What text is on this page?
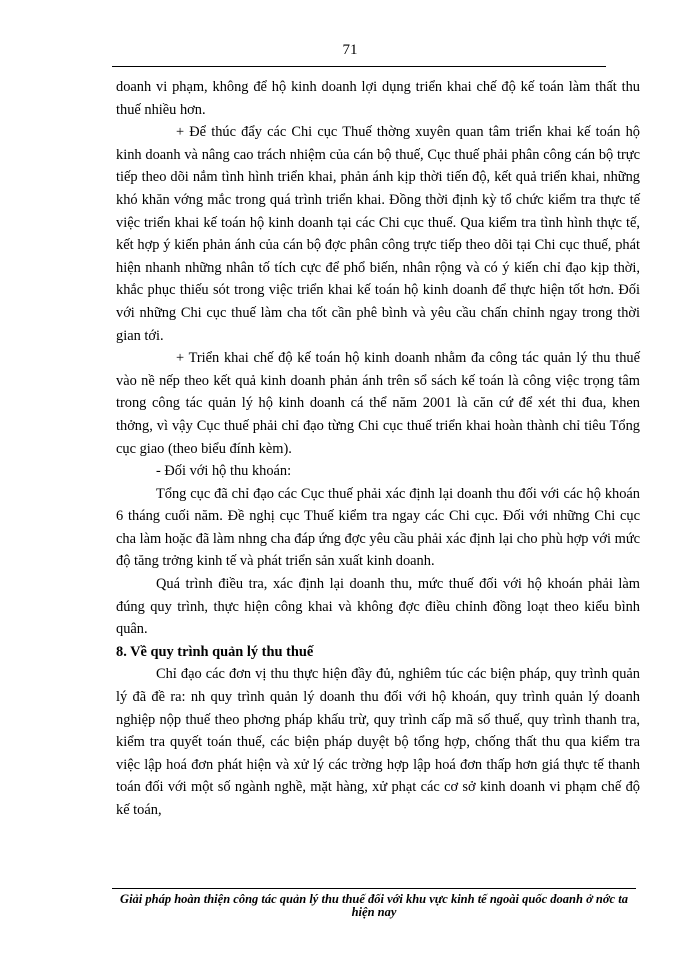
71

doanh vi phạm, không để hộ kinh doanh lợi dụng triển khai chế độ kế toán làm thất thu thuế nhiều hơn.

+ Để thúc đẩy các Chi cục Thuế thờng xuyên quan tâm triển khai kế toán hộ kinh doanh và nâng cao trách nhiệm của cán bộ thuế, Cục thuế phải phân công cán bộ trực tiếp theo dõi nắm tình hình triển khai, phản ánh kịp thời tiến độ, kết quả triển khai, những khó khăn vớng mắc trong quá trình triển khai. Đồng thời định kỳ tổ chức kiểm tra thực tế việc triển khai kế toán hộ kinh doanh tại các Chi cục thuế. Qua kiểm tra tình hình thực tế, kết hợp ý kiến phản ánh của cán bộ đợc phân công trực tiếp theo dõi tại Chi cục thuế, phát hiện nhanh những nhân tố tích cực để phổ biến, nhân rộng và có ý kiến chỉ đạo kịp thời, khắc phục thiếu sót trong việc triển khai kế toán hộ kinh doanh để thực hiện tốt hơn. Đối với những Chi cục thuế làm cha tốt cần phê bình và yêu cầu chấn chỉnh ngay trong thời gian tới.

+ Triển khai chế độ kế toán hộ kinh doanh nhằm đa công tác quản lý thu thuế vào nề nếp theo kết quả kinh doanh phản ánh trên sổ sách kế toán là công việc trọng tâm trong công tác quản lý hộ kinh doanh cá thể năm 2001 là căn cứ để xét thi đua, khen thởng, vì vậy Cục thuế phải chỉ đạo từng Chi cục thuế triển khai hoàn thành chỉ tiêu Tổng cục giao (theo biểu đính kèm).

- Đối với hộ thu khoán:

Tổng cục đã chỉ đạo các Cục thuế phải xác định lại doanh thu đối với các hộ khoán 6 tháng cuối năm. Đề nghị cục Thuế kiểm tra ngay các Chi cục. Đối với những Chi cục cha làm hoặc đã làm nhng cha đáp ứng đợc yêu cầu phải xác định lại cho phù hợp với mức độ tăng trởng kinh tế và phát triển sản xuất kinh doanh.

Quá trình điều tra, xác định lại doanh thu, mức thuế đối với hộ khoán phải làm đúng quy trình, thực hiện công khai và không đợc điều chỉnh đồng loạt theo kiểu bình quân.

8. Về quy trình quản lý thu thuế

Chỉ đạo các đơn vị thu thực hiện đầy đủ, nghiêm túc các biện pháp, quy trình quản lý đã đề ra: nh quy trình quản lý doanh thu đối với hộ khoán, quy trình quản lý doanh nghiệp nộp thuế theo phơng pháp khấu trừ, quy trình cấp mã số thuế, quy trình thanh tra, kiểm tra quyết toán thuế, các biện pháp duyệt bộ tổng hợp, chống thất thu qua kiểm tra việc lập hoá đơn phát hiện và xử lý các trờng hợp lập hoá đơn thấp hơn giá thực tế thanh toán đối với một số ngành nghề, mặt hàng, xử phạt các cơ sở kinh doanh vi phạm chế độ kế toán,

Giải pháp hoàn thiện công tác quản lý thu thuế đối với khu vực kinh tế ngoài quốc doanh ở nớc ta hiện nay
